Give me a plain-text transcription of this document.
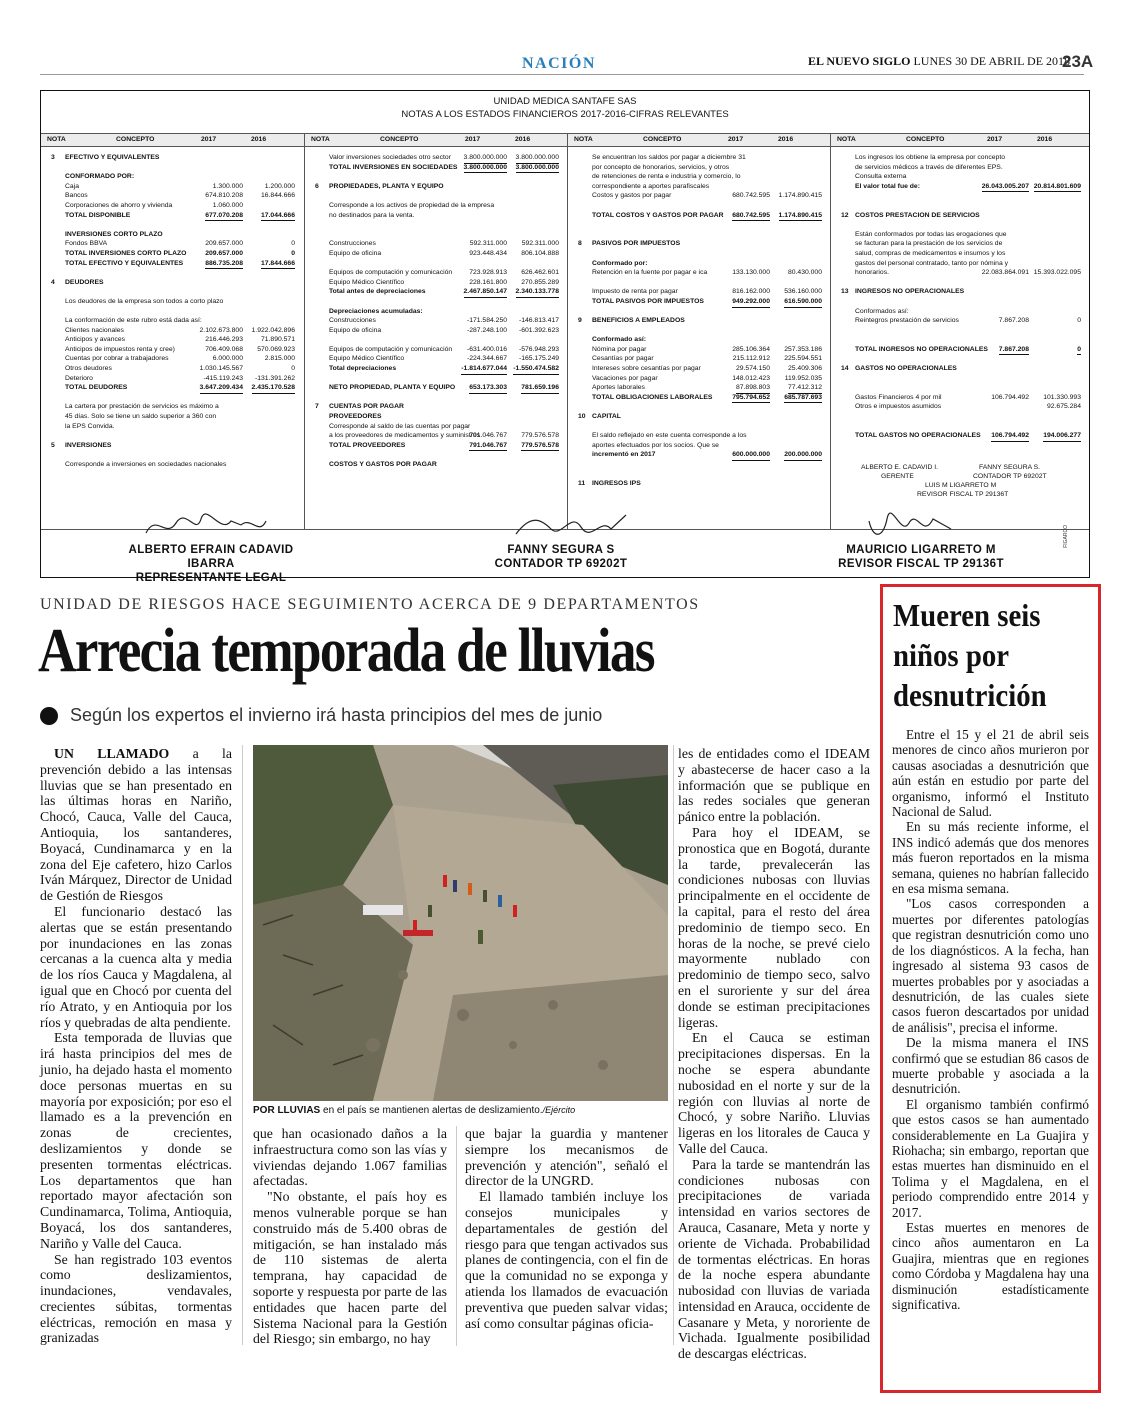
NACIÓN	EL NUEVO SIGLO LUNES 30 DE ABRIL DE 2018
23A
UNIDAD MEDICA SANTAFE SAS
NOTAS A LOS ESTADOS FINANCIEROS 2017-2016-CIFRAS RELEVANTES
NOTA	CONCEPTO	2017	2016
3 EFECTIVO Y EQUIVALENTES
CONFORMADO POR:
Caja	1.300.000	1.200.000
Bancos	674.810.208	16.844.666
Corporaciones de ahorro y vivienda	1.060.000
TOTAL DISPONIBLE	677.070.208	17.044.666
INVERSIONES CORTO PLAZO
Fondos BBVA	209.657.000	0
TOTAL INVERSIONES CORTO PLAZO	209.657.000	0
TOTAL EFECTIVO Y EQUIVALENTES	886.735.208	17.844.666
4 DEUDORES
Los deudores de la empresa son todos a corto plazo
La conformación de este rubro está dada así:
Clientes nacionales	2.102.673.800 1.922.042.896
Anticipos y avances	216.446.293	71.890.571
Anticipos de impuestos renta y cree)	706.409.068 570.069.923
Cuentas por cobrar a trabajadores	6.000.000	2.815.000
Otros deudores	1.030.145.567	0
Deterioro	-415.119.243 -131.391.262
TOTAL DEUDORES	3.647.209.434 2.435.170.528
La cartera por prestación de servicios es máximo a
45 días. Solo se tiene un saldo superior a 360 con
la EPS Convida.
5 INVERSIONES
Corresponde a inversiones en sociedades nacionales
NOTA	CONCEPTO	2017	2016
Valor inversiones sociedades otro sector 3.800.000.000 3.800.000.000
TOTAL INVERSIONES EN SOCIEDADES 3.800.000.000 3.800.000.000
6 PROPIEDADES, PLANTA Y EQUIPO
Corresponde a los activos de propiedad de la empresa
no destinados para la venta.
Construcciones	592.311.000 592.311.000
Equipo de oficina	923.448.434 806.104.888
Equipos de computación y comunicación	723.928.913 626.462.601
Equipo Médico Científico	228.161.800 270.855.289
Total antes de depreciaciones	2.467.850.147 2.340.133.778
Depreciaciones acumuladas:
Construcciones	-171.584.250 -146.813.417
Equipo de oficina	-287.248.100 -601.392.623
Equipos de computación y comunicación -631.400.016 -576.948.293
Equipo Médico Científico	-224.344.667 -165.175.249
Total depreciaciones	-1.814.677.044 -1.550.474.582
NETO PROPIEDAD, PLANTA Y EQUIPO 653.173.303 781.659.196
7 CUENTAS POR PAGAR
PROVEEDORES
Corresponde al saldo de las cuentas por pagar
a los proveedores de medicamentos y suministros
791.046.767 779.576.578
TOTAL PROVEEDORES	791.046.767 779.576.578
COSTOS Y GASTOS POR PAGAR
NOTA	CONCEPTO	2017	2016
Se encuentran los saldos por pagar a diciembre 31
por concepto de honorarios, servicios, y otros
de retenciones de renta e industria y comercio, lo
correspondiente a aportes parafiscales
Costos y gastos por pagar	680.742.595 1.174.890.415
TOTAL COSTOS Y GASTOS POR PAGAR 680.742.595 1.174.890.415
8 PASIVOS POR IMPUESTOS
Conformado por:
Retención en la fuente por pagar e ica	133.130.000	80.430.000
Impuesto de renta por pagar	816.162.000 536.160.000
TOTAL PASIVOS POR IMPUESTOS	949.292.000 616.590.000
9 BENEFICIOS A EMPLEADOS
Conformado así:
Nómina por pagar	285.106.364 257.353.186
Cesantías por pagar	215.112.912 225.594.551
Intereses sobre cesantías por pagar	29.574.150	25.409.306
Vacaciones por pagar	148.012.423 119.952.035
Aportes laborales	87.898.803	77.412.312
TOTAL OBLIGACIONES LABORALES	795.794.652 685.787.693
10 CAPITAL
El saldo reflejado en este cuenta corresponde a los
aportes efectuados por los socios. Que se
incrementó en 2017	600.000.000 200.000.000
11 INGRESOS IPS
NOTA	CONCEPTO	2017	2016
Los ingresos los obtiene la empresa por concepto
de servicios médicos a través de diferentes EPS.
Consulta externa
El valor total fue de:	26.043.005.207 20.814.801.609
12 COSTOS PRESTACION DE SERVICIOS
Están conformados por todas las erogaciones que
se facturan para la prestación de los servicios de
salud, compras de medicamentos e insumos y los
gastos del personal contratado, tanto por nómina y
honorarios.	22.083.864.091 15.393.022.095
13 INGRESOS NO OPERACIONALES
Conformados así:
Reintegros prestación de servicios	7.867.208	0
TOTAL INGRESOS NO OPERACIONALES 7.867.208	0
14 GASTOS NO OPERACIONALES
Gastos Financieros 4 por mil	106.794.492 101.330.993
Otros e impuestos asumidos	92.675.284
TOTAL GASTOS NO OPERACIONALES 106.794.492 194.006.277
ALBERTO E. CADAVID I.
GERENTE
FANNY SEGURA S.
CONTADOR TP 69202T
LUIS M LIGARRETO M
REVISOR FISCAL TP 29136T
ALBERTO EFRAIN CADAVID IBARRA
REPRESENTANTE LEGAL
FANNY SEGURA S
CONTADOR TP 69202T
MAURICIO LIGARRETO M
REVISOR FISCAL TP 29136T
FIGARCO
UNIDAD DE RIESGOS HACE SEGUIMIENTO ACERCA DE 9 DEPARTAMENTOS
Arrecia temporada de lluvias
Según los expertos el invierno irá hasta principios del mes de junio

UN LLAMADO a la prevención debido a las intensas lluvias que se han presentado en las últimas horas en Nariño, Chocó, Cauca, Valle del Cauca, Antioquia, los santanderes, Boyacá, Cundinamarca y en la zona del Eje cafetero, hizo Carlos Iván Márquez, Director de Unidad de Gestión de Riesgos

El funcionario destacó las alertas que se están presentando por inundaciones en las zonas cercanas a la cuenca alta y media de los ríos Cauca y Magdalena, al igual que en Chocó por cuenta del río Atrato, y en Antioquia por los ríos y quebradas de alta pendiente.

Esta temporada de lluvias que irá hasta principios del mes de junio, ha dejado hasta el momento doce personas muertas en su mayoría por exposición; por eso el llamado es a la prevención en zonas de crecientes, deslizamientos y donde se presenten tormentas eléctricas. Los departamentos que han reportado mayor afectación son Cundinamarca, Tolima, Antioquia, Boyacá, los dos santanderes, Nariño y Valle del Cauca.

Se han registrado 103 eventos como deslizamientos, inundaciones, vendavales, crecientes súbitas, tormentas eléctricas, remoción en masa y granizadas

POR LLUVIAS en el país se mantienen alertas de deslizamiento./Ejército

que han ocasionado daños a la infraestructura como son las vías y viviendas dejando 1.067 familias afectadas.

"No obstante, el país hoy es menos vulnerable porque se han construido más de 5.400 obras de mitigación, se han instalado más de 110 sistemas de alerta temprana, hay capacidad de soporte y respuesta por parte de las entidades que hacen parte del Sistema Nacional para la Gestión del Riesgo; sin embargo, no hay

que bajar la guardia y mantener siempre los mecanismos de prevención y atención", señaló el director de la UNGRD.

El llamado también incluye los consejos municipales y departamentales de gestión del riesgo para que tengan activados sus planes de contingencia, con el fin de que la comunidad no se exponga y atienda los llamados de evacuación preventiva que pueden salvar vidas; así como consultar páginas oficia-

les de entidades como el IDEAM y abastecerse de hacer caso a la información que se publique en las redes sociales que generan pánico entre la población.

Para hoy el IDEAM, se pronostica que en Bogotá, durante la tarde, prevalecerán las condiciones nubosas con lluvias principalmente en el occidente de la capital, para el resto del área predominio de tiempo seco. En horas de la noche, se prevé cielo mayormente nublado con predominio de tiempo seco, salvo en el suroriente y sur del área donde se estiman precipitaciones ligeras.

En el Cauca se estiman precipitaciones dispersas. En la noche se espera abundante nubosidad en el norte y sur de la región con lluvias al norte de Chocó, y sobre Nariño. Lluvias ligeras en los litorales de Cauca y Valle del Cauca.

Para la tarde se mantendrán las condiciones nubosas con precipitaciones de variada intensidad en varios sectores de Arauca, Casanare, Meta y norte y oriente de Vichada. Probabilidad de tormentas eléctricas. En horas de la noche espera abundante nubosidad con lluvias de variada intensidad en Arauca, occidente de Casanare y Meta, y nororiente de Vichada. Igualmente posibilidad de descargas eléctricas.

Mueren seis
niños por
desnutrición

Entre el 15 y el 21 de abril seis menores de cinco años murieron por causas asociadas a desnutrición que aún están en estudio por parte del organismo, informó el Instituto Nacional de Salud.

En su más reciente informe, el INS indicó además que dos menores más fueron reportados en la misma semana, quienes no habrían fallecido en esa misma semana.

"Los casos corresponden a muertes por diferentes patologías que registran desnutrición como uno de los diagnósticos. A la fecha, han ingresado al sistema 93 casos de muertes probables por y asociadas a desnutrición, de las cuales siete casos fueron descartados por unidad de análisis", precisa el informe.

De la misma manera el INS confirmó que se estudian 86 casos de muerte probable y asociada a la desnutrición.

El organismo también confirmó que estos casos se han aumentado considerablemente en La Guajira y Riohacha; sin embargo, reportan que estas muertes han disminuido en el Tolima y el Magdalena, en el periodo comprendido entre 2014 y 2017.

Estas muertes en menores de cinco años aumentaron en La Guajira, mientras que en regiones como Córdoba y Magdalena hay una disminución estadísticamente significativa.
